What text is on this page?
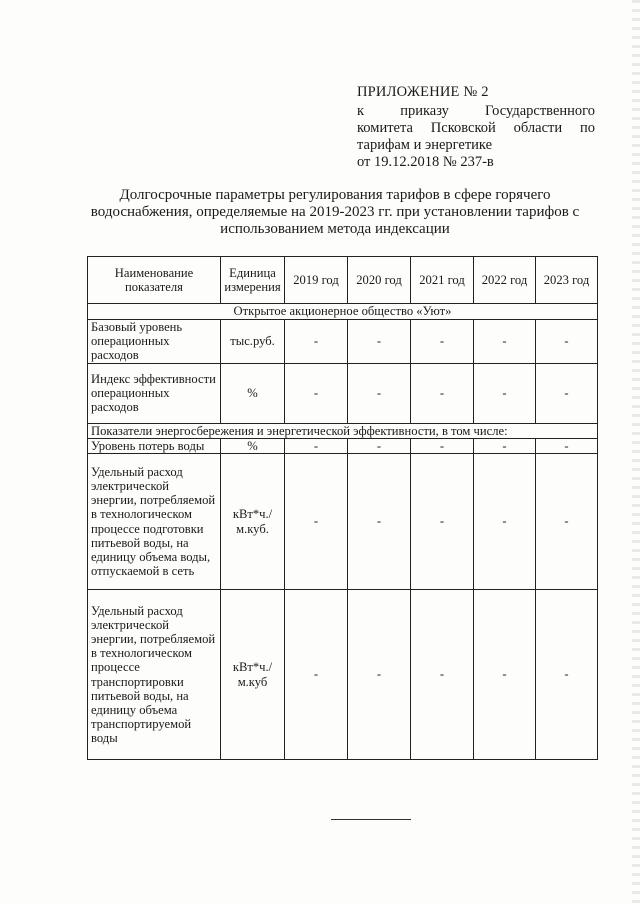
ПРИЛОЖЕНИЕ № 2
к приказу Государственного
комитета Псковской области по
тарифам и энергетике
от 19.12.2018 № 237-в
Долгосрочные параметры регулирования тарифов в сфере горячего водоснабжения, определяемые на 2019-2023 гг. при установлении тарифов с использованием метода индексации
Наименование показателя	Единица измерения	2019 год	2020 год	2021 год	2022 год	2023 год
Открытое акционерное общество «Уют»						
Базовый уровень операционных расходов	тыс.руб.	-	-	-	-	-
Индекс эффективности операционных расходов	%	-	-	-	-	-
Показатели энергосбережения и энергетической эффективности, в том числе:						
Уровень потерь воды	%	-	-	-	-	-
Удельный расход электрической энергии, потребляемой в технологическом процессе подготовки питьевой воды, на единицу объема воды, отпускаемой в сеть	кВт*ч./м.куб.	-	-	-	-	-
Удельный расход электрической энергии, потребляемой в технологическом процессе транспортировки питьевой воды, на единицу объема транспортируемой воды	кВт*ч./м.куб	-	-	-	-	-
